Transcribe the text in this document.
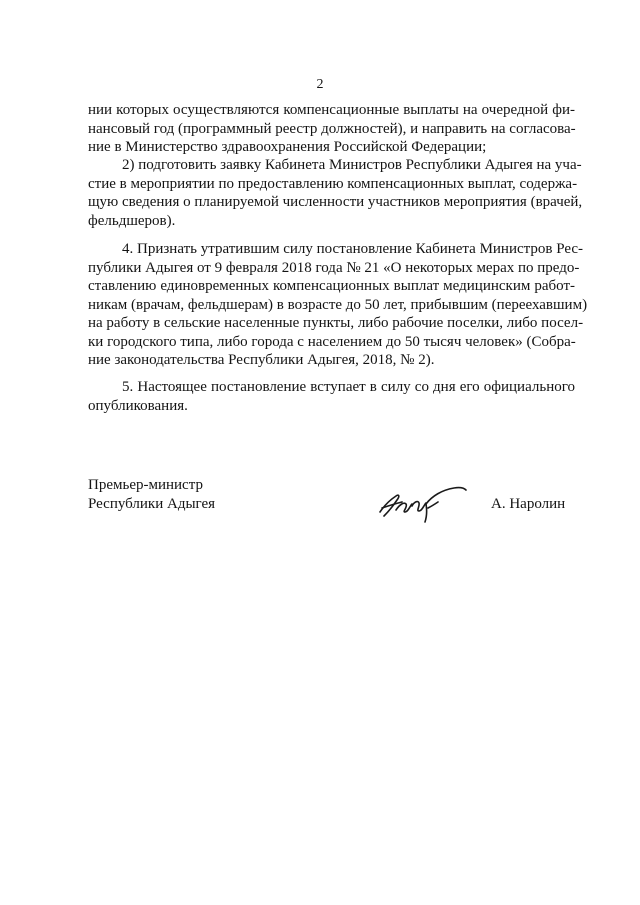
2
нии которых осуществляются компенсационные выплаты на очередной фи-
нансовый год (программный реестр должностей), и направить на согласова-
ние в Министерство здравоохранения Российской Федерации;
2) подготовить заявку Кабинета Министров Республики Адыгея на уча-
стие в мероприятии по предоставлению компенсационных выплат, содержа-
щую сведения о планируемой численности участников мероприятия (врачей,
фельдшеров).
4. Признать утратившим силу постановление Кабинета Министров Рес-
публики Адыгея от 9 февраля 2018 года № 21 «О некоторых мерах по предо-
ставлению единовременных компенсационных выплат медицинским работ-
никам (врачам, фельдшерам) в возрасте до 50 лет, прибывшим (переехавшим)
на работу в сельские населенные пункты, либо рабочие поселки, либо посел-
ки городского типа, либо города с населением до 50 тысяч человек» (Собра-
ние законодательства Республики Адыгея, 2018, № 2).
5. Настоящее постановление вступает в силу со дня его официального
опубликования.
Премьер-министр
Республики Адыгея	А. Наролин
